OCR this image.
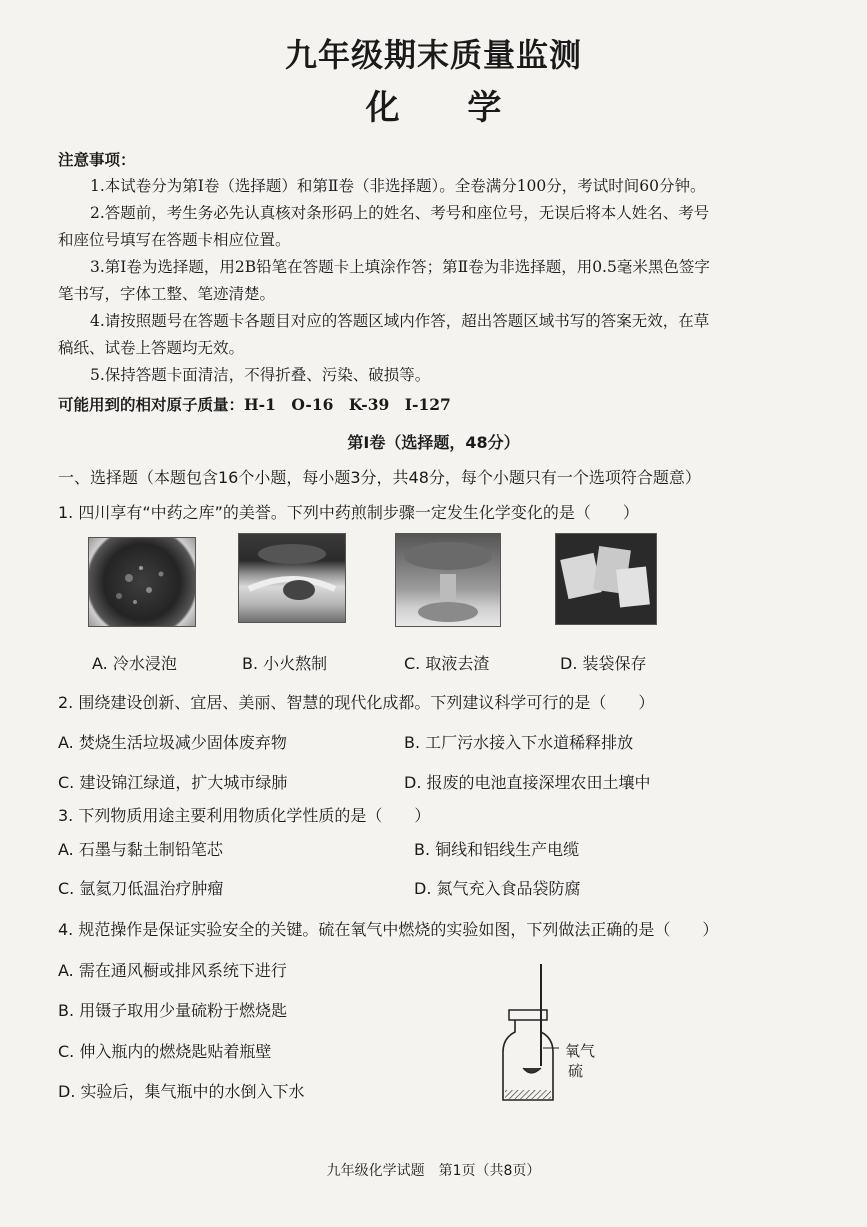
九年级期末质量监测
化 学
注意事项：
1.本试卷分为第Ⅰ卷（选择题）和第Ⅱ卷（非选择题）。全卷满分100分，考试时间60分钟。
2.答题前，考生务必先认真核对条形码上的姓名、考号和座位号，无误后将本人姓名、考号
和座位号填写在答题卡相应位置。
3.第Ⅰ卷为选择题，用2B铅笔在答题卡上填涂作答；第Ⅱ卷为非选择题，用0.5毫米黑色签字
笔书写，字体工整、笔迹清楚。
4.请按照题号在答题卡各题目对应的答题区域内作答，超出答题区域书写的答案无效，在草
稿纸、试卷上答题均无效。
5.保持答题卡面清洁，不得折叠、污染、破损等。
可能用到的相对原子质量：H-1　O-16　K-39　I-127
第Ⅰ卷（选择题，48分）
一、选择题（本题包含16个小题，每小题3分，共48分，每个小题只有一个选项符合题意）
1. 四川享有“中药之库”的美誉。下列中药煎制步骤一定发生化学变化的是（　　）
A. 冷水浸泡	B. 小火熬制	C. 取液去渣	D. 装袋保存
2. 围绕建设创新、宜居、美丽、智慧的现代化成都。下列建议科学可行的是（　　）
A. 焚烧生活垃圾减少固体废弃物	B. 工厂污水接入下水道稀释排放
C. 建设锦江绿道，扩大城市绿肺	D. 报废的电池直接深埋农田土壤中
3. 下列物质用途主要利用物质化学性质的是（　　）
A. 石墨与黏土制铅笔芯	B. 铜线和铝线生产电缆
C. 氩氦刀低温治疗肿瘤	D. 氮气充入食品袋防腐
4. 规范操作是保证实验安全的关键。硫在氧气中燃烧的实验如图，下列做法正确的是（　　）
A. 需在通风橱或排风系统下进行
B. 用镊子取用少量硫粉于燃烧匙
C. 伸入瓶内的燃烧匙贴着瓶壁
D. 实验后，集气瓶中的水倒入下水
氧气
硫
九年级化学试题　第1页（共8页）
